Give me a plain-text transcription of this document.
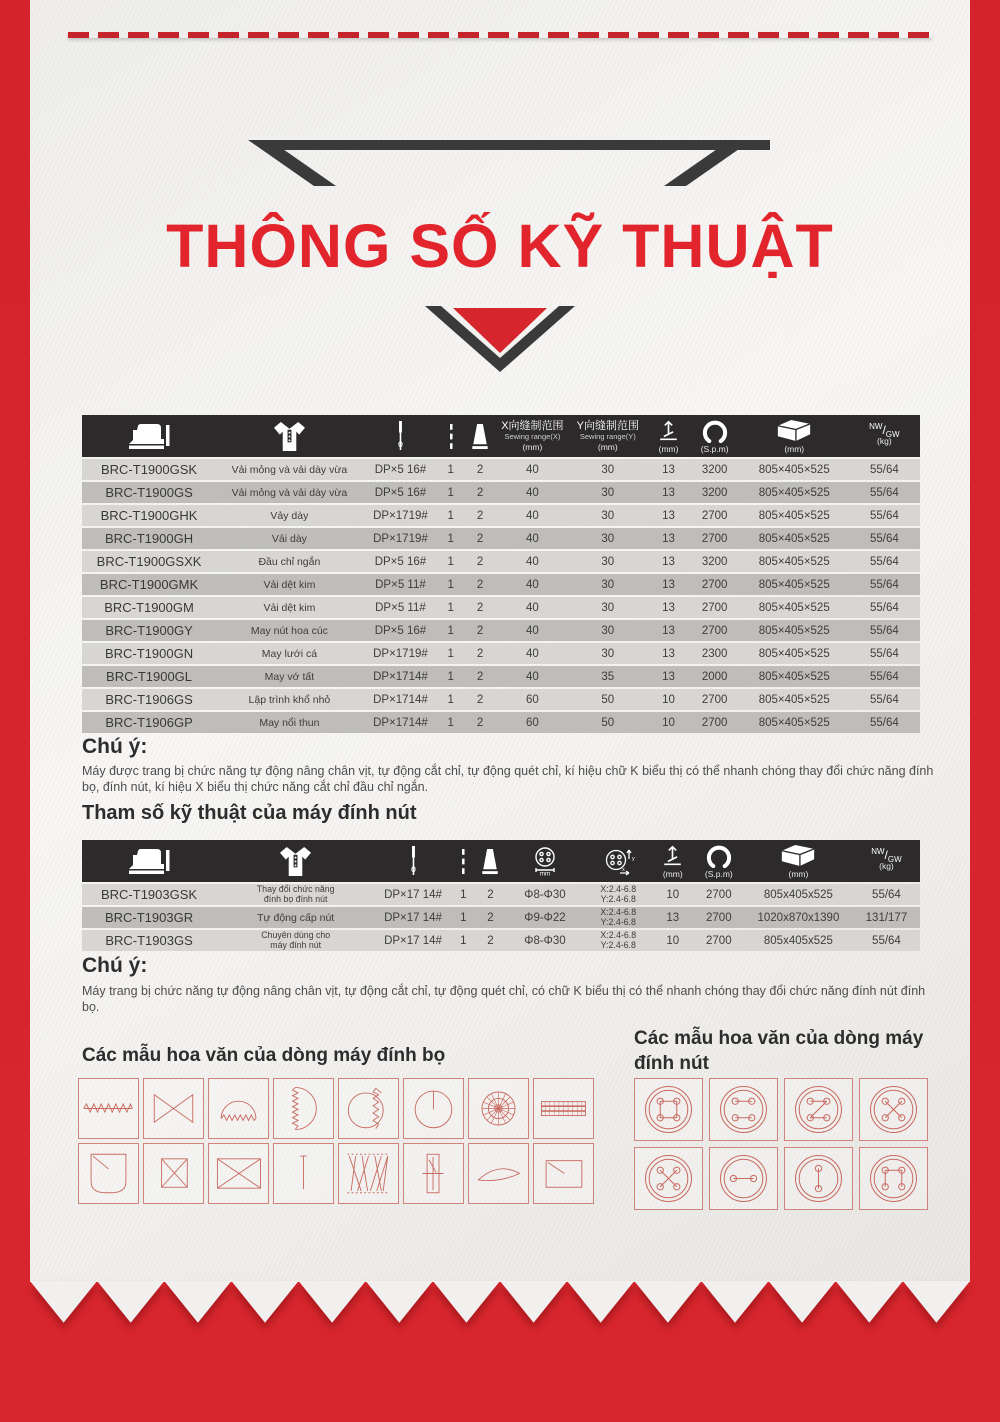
THÔNG SỐ KỸ THUẬT

X向缝制范围
Sewing range(X)
(mm)	Y向缝制范围
Sewing range(Y)
(mm)	(mm)	(S.p.m)	(mm)	$^{NW}/_{GW}$
(kg)

BRC-T1900GSK	Vải mỏng và vải dày vừa	DP×5 16#	1	2	40	30	13	3200	805×405×525	55/64
BRC-T1900GS	Vải mỏng và vải dày vừa	DP×5 16#	1	2	40	30	13	3200	805×405×525	55/64
BRC-T1900GHK	Vảy dày	DP×1719#	1	2	40	30	13	2700	805×405×525	55/64
BRC-T1900GH	Vải dày	DP×1719#	1	2	40	30	13	2700	805×405×525	55/64
BRC-T1900GSXK	Đầu chỉ ngắn	DP×5 16#	1	2	40	30	13	3200	805×405×525	55/64
BRC-T1900GMK	Vải dệt kim	DP×5 11#	1	2	40	30	13	2700	805×405×525	55/64
BRC-T1900GM	Vải dệt kim	DP×5 11#	1	2	40	30	13	2700	805×405×525	55/64
BRC-T1900GY	May nút hoa cúc	DP×5 16#	1	2	40	30	13	2700	805×405×525	55/64
BRC-T1900GN	May lưới cá	DP×1719#	1	2	40	30	13	2300	805×405×525	55/64
BRC-T1900GL	May vớ tất	DP×1714#	1	2	40	35	13	2000	805×405×525	55/64
BRC-T1906GS	Lập trình khổ nhỏ	DP×1714#	1	2	60	50	10	2700	805×405×525	55/64
BRC-T1906GP	May nổi thun	DP×1714#	1	2	60	50	10	2700	805×405×525	55/64
Chú ý:

Máy được trang bị chức năng tự động nâng chân vịt, tự động cắt chỉ, tự động quét chỉ, kí hiệu chữ K biểu thị có thể nhanh chóng thay đổi chức năng đính bọ, đính nút, kí hiệu X biểu thị chức năng cắt chỉ đầu chỉ ngắn.

Tham số kỹ thuật của máy đính nút

mm	y
x	(mm)	(S.p.m)	(mm)	$^{NW}/_{GW}$
(kg)

BRC-T1903GSK	Thay đổi chức năng
đính bọ đính nút	DP×17 14#	1	2	Φ8-Φ30	X:2.4-6.8
Y:2.4-6.8	10	2700	805x405x525	55/64
BRC-T1903GR	Tự động cấp nút	DP×17 14#	1	2	Φ9-Φ22	X:2.4-6.8
Y:2.4-6.8	13	2700	1020x870x1390	131/177
BRC-T1903GS	Chuyên dùng cho
máy đính nút	DP×17 14#	1	2	Φ8-Φ30	X:2.4-6.8
Y:2.4-6.8	10	2700	805x405x525	55/64
Chú ý:

Máy trang bị chức năng tự động nâng chân vịt, tự động cắt chỉ, tự động quét chỉ, có chữ K biểu thị có thể nhanh chóng thay đổi chức năng đính nút đính bọ.

Các mẫu hoa văn của dòng máy đính bọ
Các mẫu hoa văn của dòng máy đính nút
